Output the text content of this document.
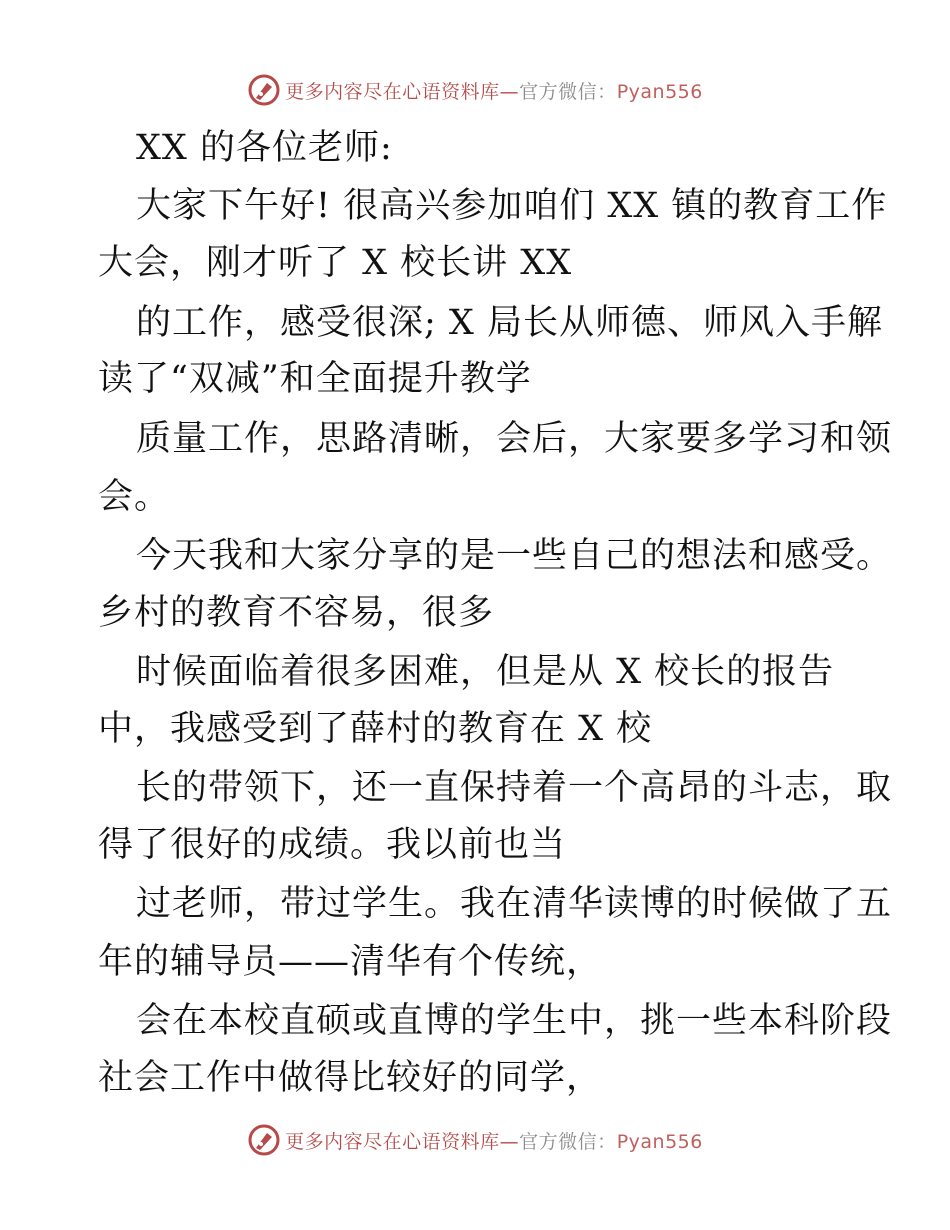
更多内容尽在心语资料库—官方微信：Pyan556
XX 的各位老师:
大家下午好! 很高兴参加咱们 XX 镇的教育工作
大会，刚才听了 X 校长讲 XX
的工作，感受很深; X 局长从师德、师风入手解
读了“双减”和全面提升教学
质量工作，思路清晰，会后，大家要多学习和领
会。
今天我和大家分享的是一些自己的想法和感受。
乡村的教育不容易，很多
时候面临着很多困难，但是从 X 校长的报告
中，我感受到了薛村的教育在 X 校
长的带领下，还一直保持着一个高昂的斗志，取
得了很好的成绩。我以前也当
过老师，带过学生。我在清华读博的时候做了五
年的辅导员——清华有个传统，
会在本校直硕或直博的学生中，挑一些本科阶段
社会工作中做得比较好的同学，
更多内容尽在心语资料库—官方微信：Pyan556
